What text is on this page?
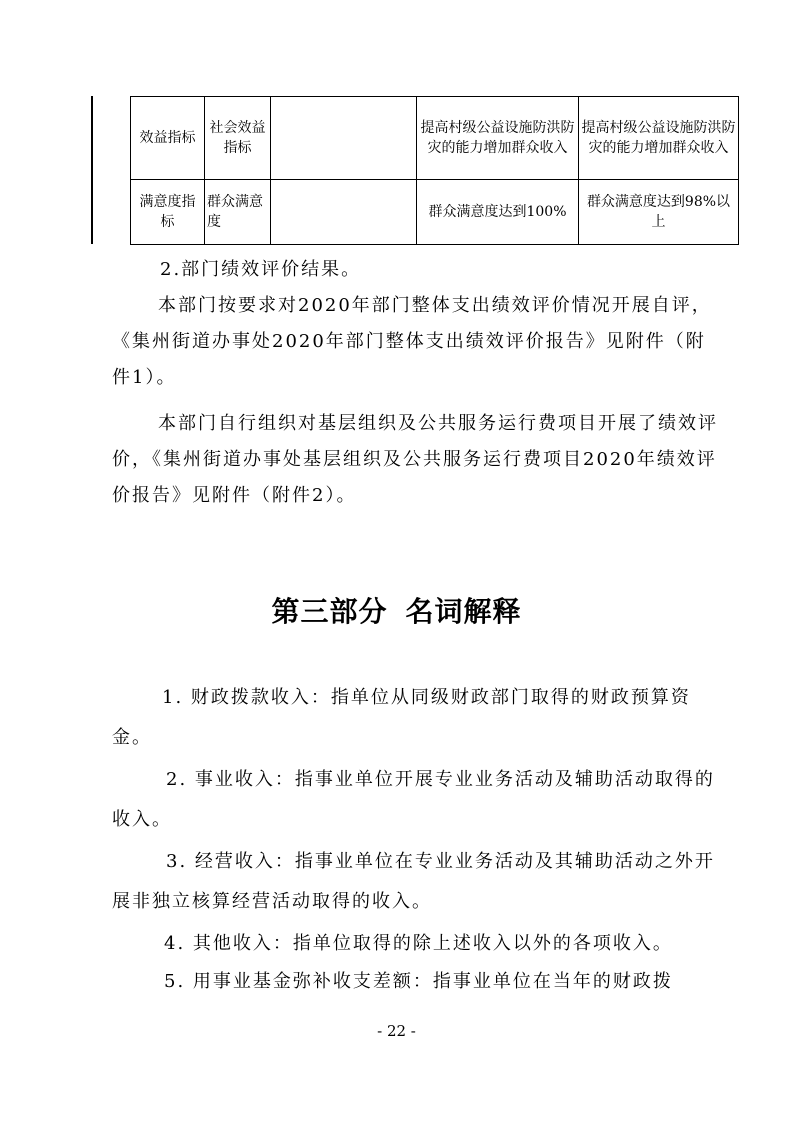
效益指标	社会效益指标		提高村级公益设施防洪防灾的能力增加群众收入	提高村级公益设施防洪防灾的能力增加群众收入
满意度指标	群众满意度		群众满意度达到100%	群众满意度达到98%以上

2.部门绩效评价结果。

本部门按要求对2020年部门整体支出绩效评价情况开展自评，《集州街道办事处2020年部门整体支出绩效评价报告》见附件（附件1）。

本部门自行组织对基层组织及公共服务运行费项目开展了绩效评价，《集州街道办事处基层组织及公共服务运行费项目2020年绩效评价报告》见附件（附件2）。

第三部分 名词解释

1. 财政拨款收入：指单位从同级财政部门取得的财政预算资金。

2. 事业收入：指事业单位开展专业业务活动及辅助活动取得的收入。

3. 经营收入：指事业单位在专业业务活动及其辅助活动之外开展非独立核算经营活动取得的收入。

4. 其他收入：指单位取得的除上述收入以外的各项收入。

5. 用事业基金弥补收支差额：指事业单位在当年的财政拨

- 22 -
